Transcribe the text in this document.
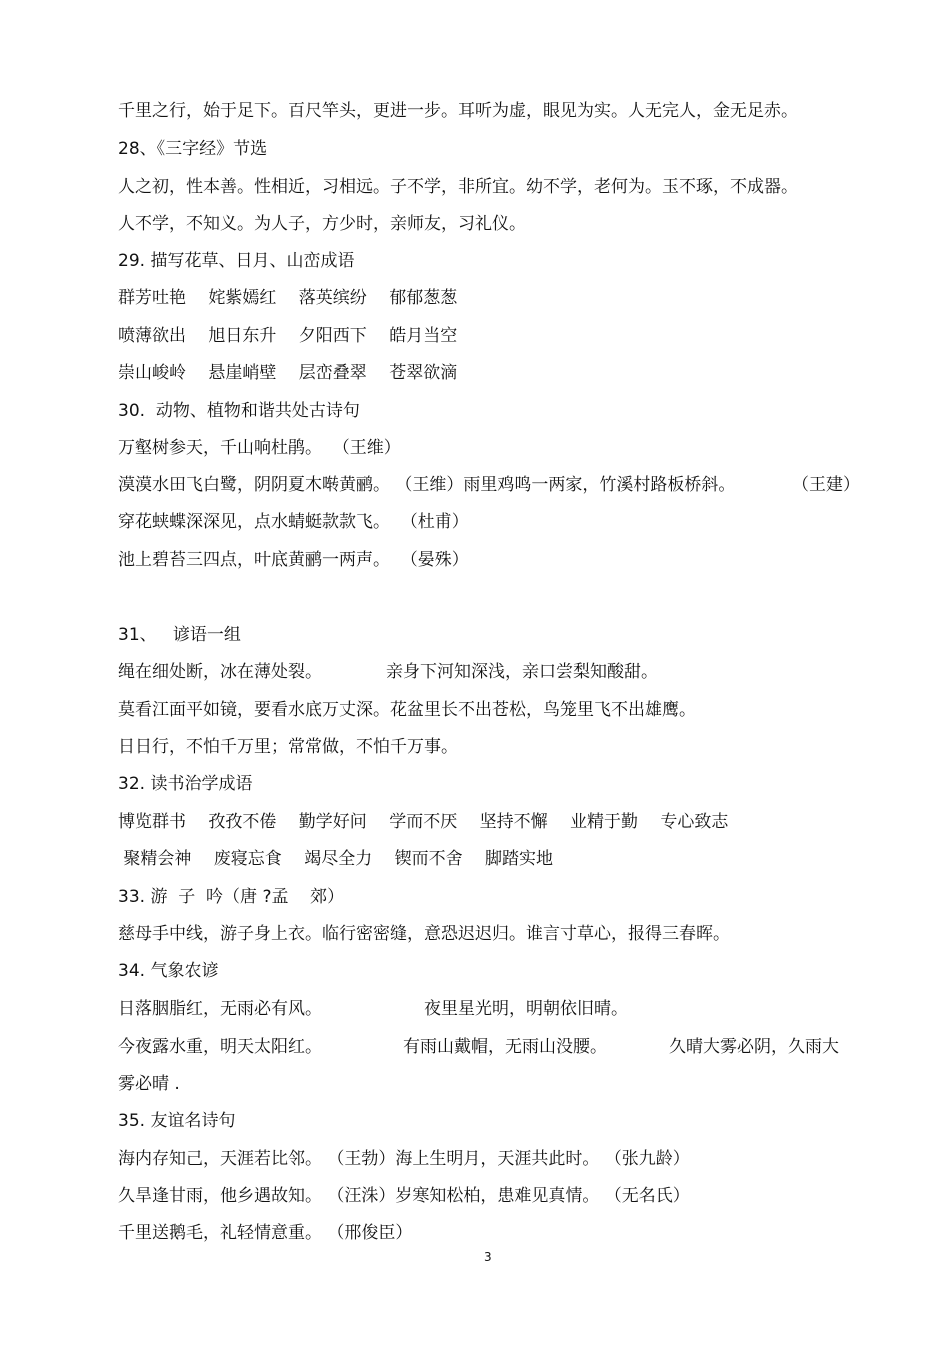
千里之行，始于足下。百尺竿头，更进一步。耳听为虚，眼见为实。人无完人，金无足赤。
28、《三字经》节选
人之初，性本善。性相近，习相远。子不学，非所宜。幼不学，老何为。玉不琢，不成器。
人不学，不知义。为人子，方少时，亲师友，习礼仪。
29. 描写花草、日月、山峦成语
群芳吐艳　 姹紫嫣红　 落英缤纷　 郁郁葱葱
喷薄欲出　 旭日东升　 夕阳西下　 皓月当空
崇山峻岭　 悬崖峭壁　 层峦叠翠　 苍翠欲滴
30.  动物、植物和谐共处古诗句
万壑树参天，千山响杜鹃。  （王维）
漠漠水田飞白鹭，阴阴夏木啭黄鹂。 （王维）雨里鸡鸣一两家，竹溪村路板桥斜。	（王建）
穿花蛱蝶深深见，点水蜻蜓款款飞。  （杜甫）
池上碧苔三四点，叶底黄鹂一两声。  （晏殊）
31、   谚语一组
绳在细处断，冰在薄处裂。	亲身下河知深浅，亲口尝梨知酸甜。
莫看江面平如镜，要看水底万丈深。花盆里长不出苍松，鸟笼里飞不出雄鹰。
日日行，不怕千万里；常常做，不怕千万事。
32. 读书治学成语
博览群书　 孜孜不倦　 勤学好问　 学而不厌　 坚持不懈　 业精于勤　 专心致志
聚精会神　 废寝忘食　 竭尽全力　 锲而不舍　 脚踏实地
33. 游  子  吟（唐 ?孟    郊）
慈母手中线，游子身上衣。临行密密缝，意恐迟迟归。谁言寸草心，报得三春晖。
34. 气象农谚
日落胭脂红，无雨必有风。	夜里星光明，明朝依旧晴。
今夜露水重，明天太阳红。	有雨山戴帽，无雨山没腰。	久晴大雾必阴，久雨大
雾必晴 .
35. 友谊名诗句
海内存知己，天涯若比邻。 （王勃）海上生明月，天涯共此时。 （张九龄）
久旱逢甘雨，他乡遇故知。 （汪洙）岁寒知松柏，患难见真情。 （无名氏）
千里送鹅毛，礼轻情意重。 （邢俊臣）
3
